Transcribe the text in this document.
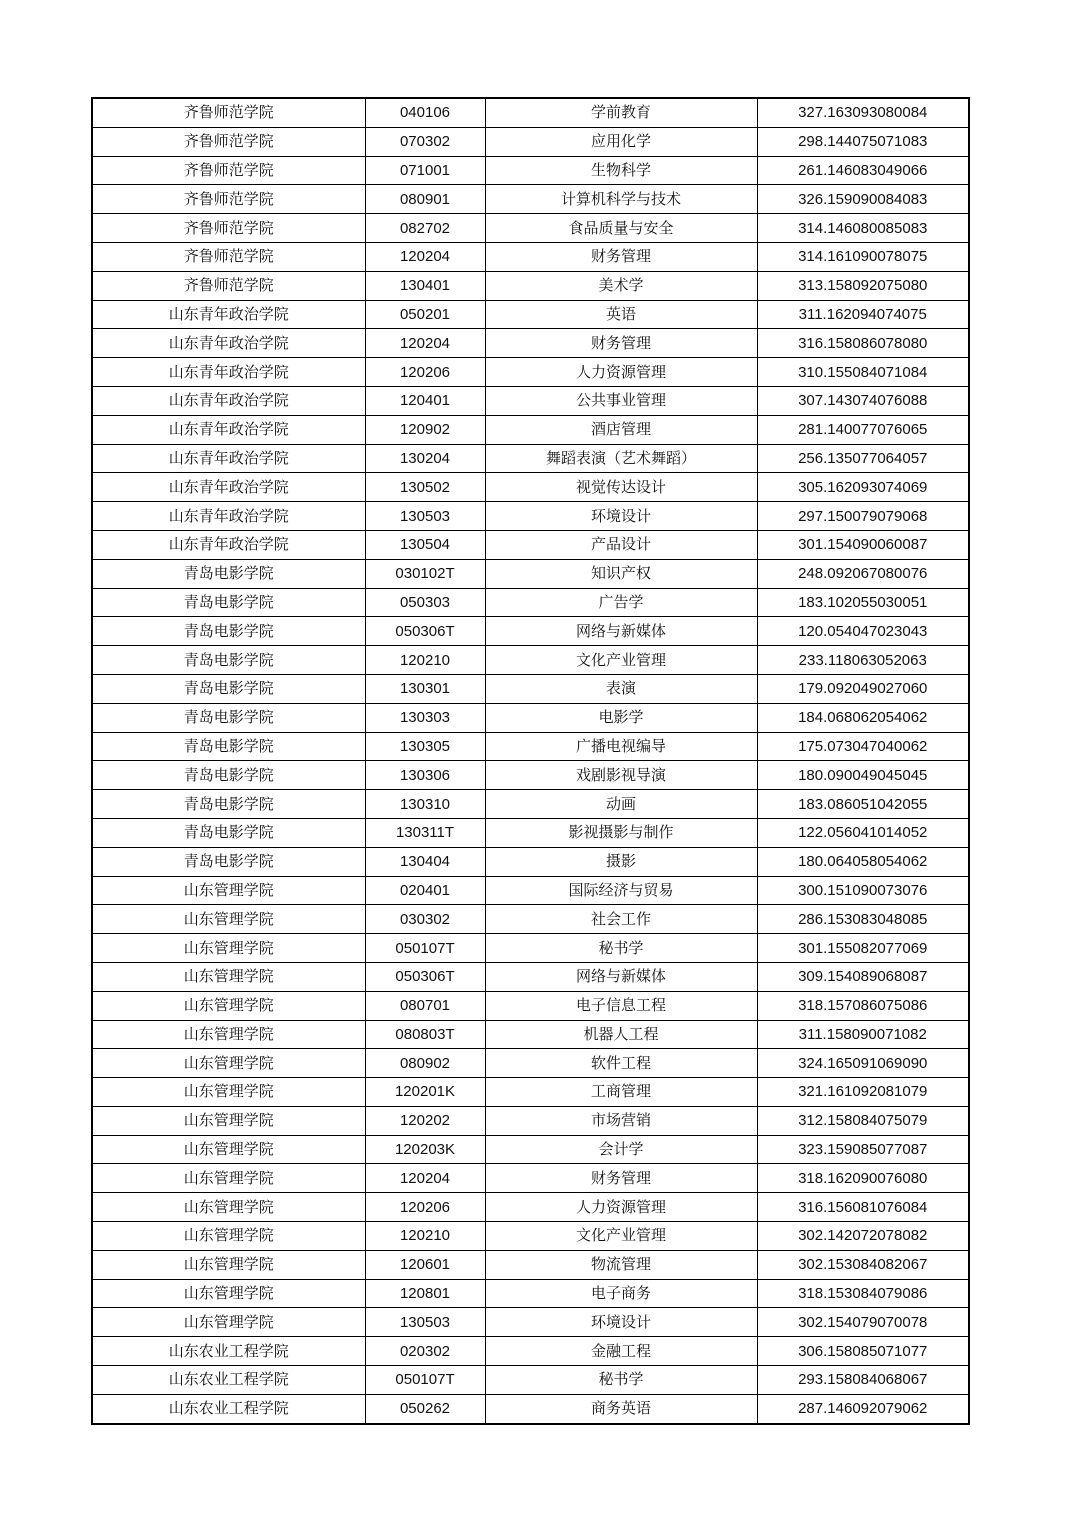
齐鲁师范学院	040106	学前教育	327.163093080084
齐鲁师范学院	070302	应用化学	298.144075071083
齐鲁师范学院	071001	生物科学	261.146083049066
齐鲁师范学院	080901	计算机科学与技术	326.159090084083
齐鲁师范学院	082702	食品质量与安全	314.146080085083
齐鲁师范学院	120204	财务管理	314.161090078075
齐鲁师范学院	130401	美术学	313.158092075080
山东青年政治学院	050201	英语	311.162094074075
山东青年政治学院	120204	财务管理	316.158086078080
山东青年政治学院	120206	人力资源管理	310.155084071084
山东青年政治学院	120401	公共事业管理	307.143074076088
山东青年政治学院	120902	酒店管理	281.140077076065
山东青年政治学院	130204	舞蹈表演（艺术舞蹈）	256.135077064057
山东青年政治学院	130502	视觉传达设计	305.162093074069
山东青年政治学院	130503	环境设计	297.150079079068
山东青年政治学院	130504	产品设计	301.154090060087
青岛电影学院	030102T	知识产权	248.092067080076
青岛电影学院	050303	广告学	183.102055030051
青岛电影学院	050306T	网络与新媒体	120.054047023043
青岛电影学院	120210	文化产业管理	233.118063052063
青岛电影学院	130301	表演	179.092049027060
青岛电影学院	130303	电影学	184.068062054062
青岛电影学院	130305	广播电视编导	175.073047040062
青岛电影学院	130306	戏剧影视导演	180.090049045045
青岛电影学院	130310	动画	183.086051042055
青岛电影学院	130311T	影视摄影与制作	122.056041014052
青岛电影学院	130404	摄影	180.064058054062
山东管理学院	020401	国际经济与贸易	300.151090073076
山东管理学院	030302	社会工作	286.153083048085
山东管理学院	050107T	秘书学	301.155082077069
山东管理学院	050306T	网络与新媒体	309.154089068087
山东管理学院	080701	电子信息工程	318.157086075086
山东管理学院	080803T	机器人工程	311.158090071082
山东管理学院	080902	软件工程	324.165091069090
山东管理学院	120201K	工商管理	321.161092081079
山东管理学院	120202	市场营销	312.158084075079
山东管理学院	120203K	会计学	323.159085077087
山东管理学院	120204	财务管理	318.162090076080
山东管理学院	120206	人力资源管理	316.156081076084
山东管理学院	120210	文化产业管理	302.142072078082
山东管理学院	120601	物流管理	302.153084082067
山东管理学院	120801	电子商务	318.153084079086
山东管理学院	130503	环境设计	302.154079070078
山东农业工程学院	020302	金融工程	306.158085071077
山东农业工程学院	050107T	秘书学	293.158084068067
山东农业工程学院	050262	商务英语	287.146092079062
